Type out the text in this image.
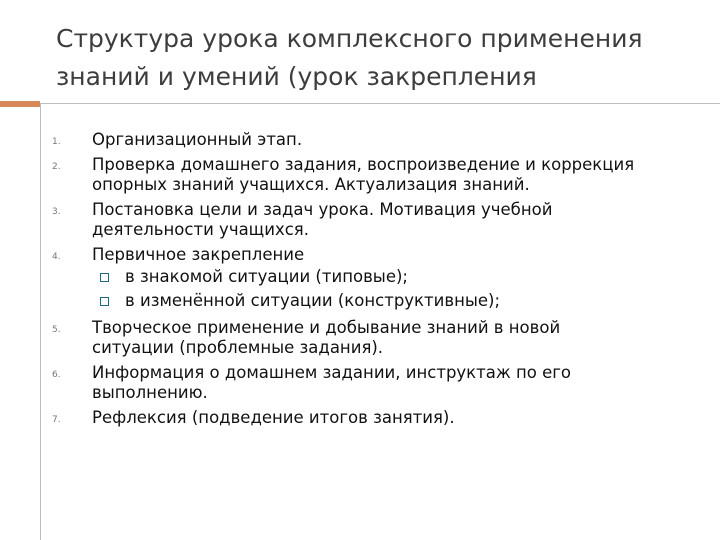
Структура урока комплексного применения
знаний и умений (урок закрепления
1.	Организационный этап.
2.	Проверка домашнего задания, воспроизведение и коррекция
опорных знаний учащихся. Актуализация знаний.
3.	Постановка цели и задач урока. Мотивация учебной
деятельности учащихся.
4.	Первичное закрепление
в знакомой ситуации (типовые);
в изменённой ситуации (конструктивные);
5.	Творческое применение и добывание знаний в новой
ситуации (проблемные задания).
6.	Информация о домашнем задании, инструктаж по его
выполнению.
7.	Рефлексия (подведение итогов занятия).
